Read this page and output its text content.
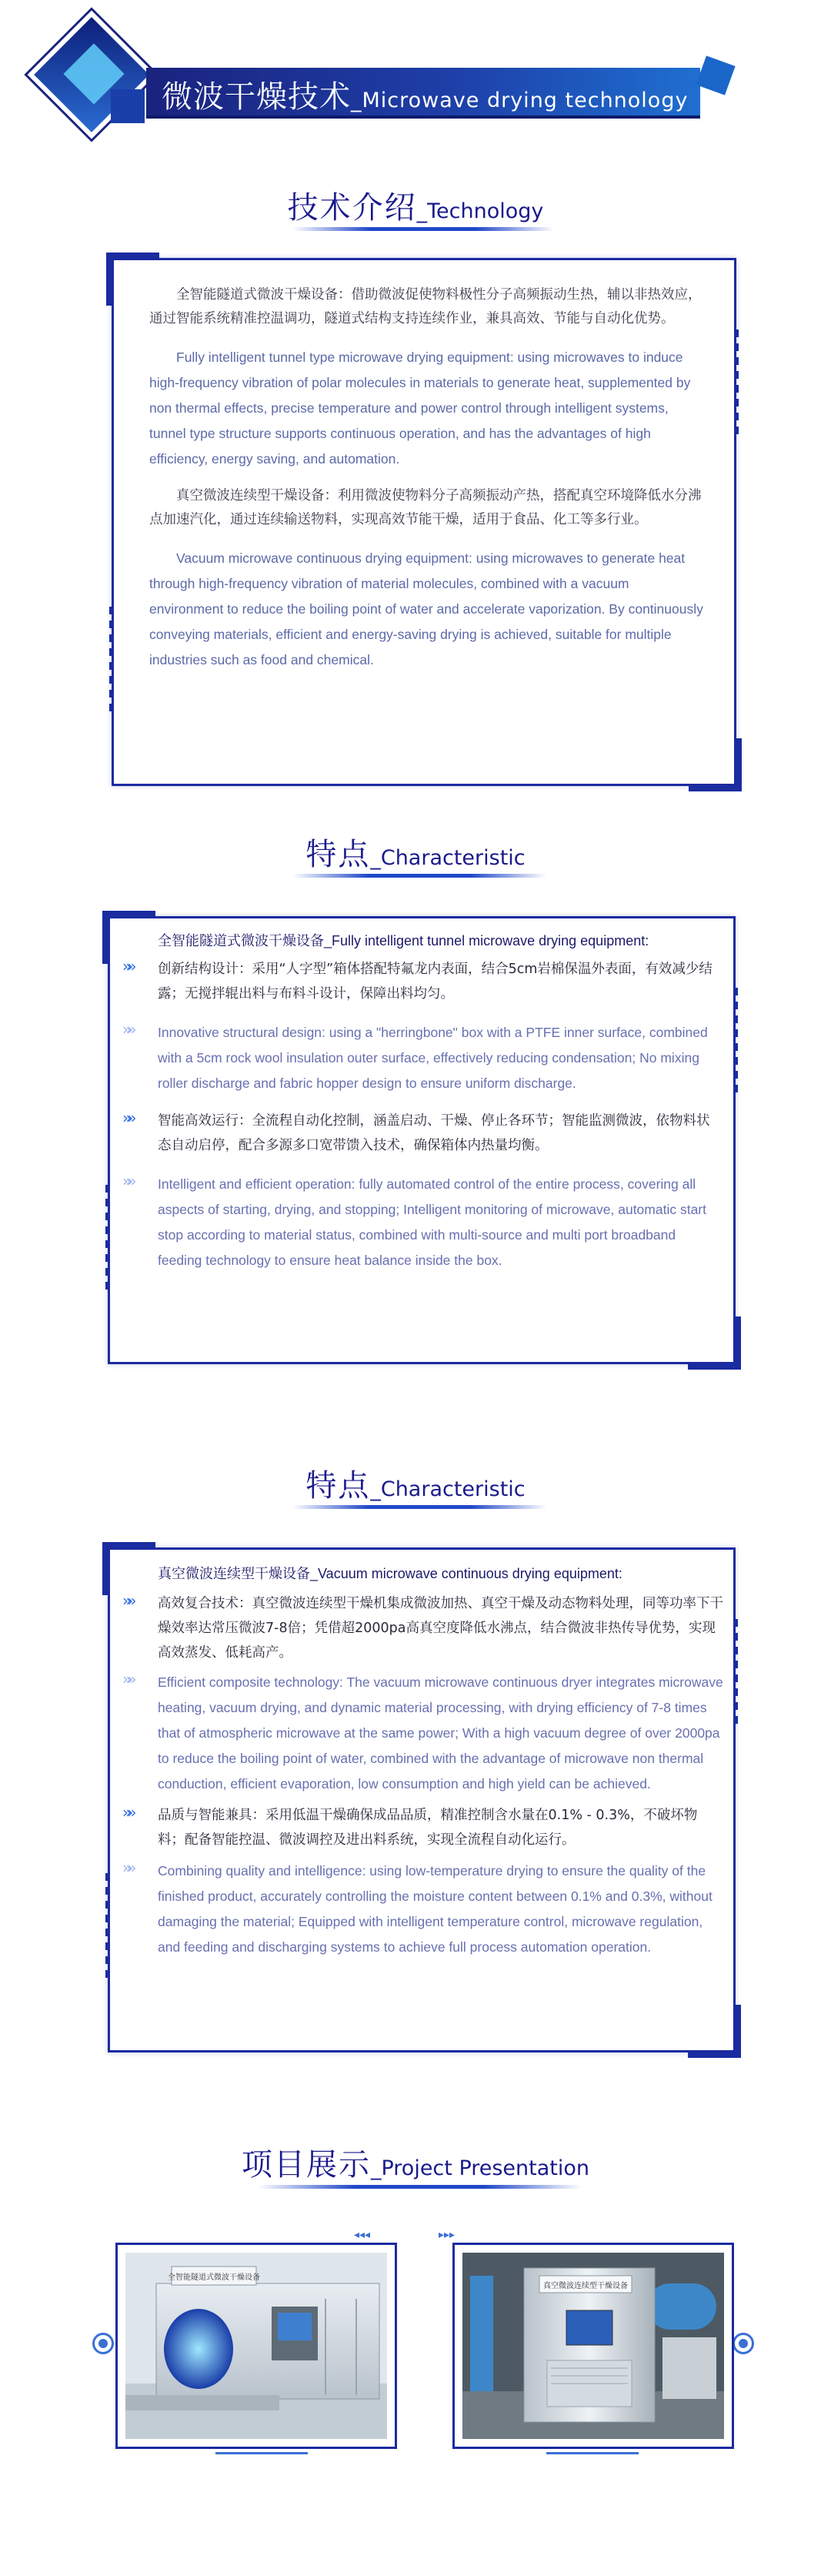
微波干燥技术_Microwave drying technology
技术介绍_Technology

全智能隧道式微波干燥设备：借助微波促使物料极性分子高频振动生热，辅以非热效应，通过智能系统精准控温调功，隧道式结构支持连续作业，兼具高效、节能与自动化优势。

Fully intelligent tunnel type microwave drying equipment: using microwaves to induce high-frequency vibration of polar molecules in materials to generate heat, supplemented by non thermal effects, precise temperature and power control through intelligent systems, tunnel type structure supports continuous operation, and has the advantages of high efficiency, energy saving, and automation.

真空微波连续型干燥设备：利用微波使物料分子高频振动产热，搭配真空环境降低水分沸点加速汽化，通过连续输送物料，实现高效节能干燥，适用于食品、化工等多行业。

Vacuum microwave continuous drying equipment: using microwaves to generate heat through high-frequency vibration of material molecules, combined with a vacuum environment to reduce the boiling point of water and accelerate vaporization. By continuously conveying materials, efficient and energy-saving drying is achieved, suitable for multiple industries such as food and chemical.

特点_Characteristic

全智能隧道式微波干燥设备_Fully intelligent tunnel microwave drying equipment:

»» 创新结构设计：采用“人字型”箱体搭配特氟龙内表面，结合5cm岩棉保温外表面，有效减少结露；无搅拌辊出料与布料斗设计，保障出料均匀。

»» Innovative structural design: using a "herringbone" box with a PTFE inner surface, combined with a 5cm rock wool insulation outer surface, effectively reducing condensation; No mixing roller discharge and fabric hopper design to ensure uniform discharge.

»» 智能高效运行：全流程自动化控制，涵盖启动、干燥、停止各环节；智能监测微波，依物料状态自动启停，配合多源多口宽带馈入技术，确保箱体内热量均衡。

»» Intelligent and efficient operation: fully automated control of the entire process, covering all aspects of starting, drying, and stopping; Intelligent monitoring of microwave, automatic start stop according to material status, combined with multi-source and multi port broadband feeding technology to ensure heat balance inside the box.

特点_Characteristic

真空微波连续型干燥设备_Vacuum microwave continuous drying equipment:

»» 高效复合技术：真空微波连续型干燥机集成微波加热、真空干燥及动态物料处理，同等功率下干燥效率达常压微波7-8倍；凭借超2000pa高真空度降低水沸点，结合微波非热传导优势，实现高效蒸发、低耗高产。

»» Efficient composite technology: The vacuum microwave continuous dryer integrates microwave heating, vacuum drying, and dynamic material processing, with drying efficiency of 7-8 times that of atmospheric microwave at the same power; With a high vacuum degree of over 2000pa to reduce the boiling point of water, combined with the advantage of microwave non thermal conduction, efficient evaporation, low consumption and high yield can be achieved.

»» 品质与智能兼具：采用低温干燥确保成品品质，精准控制含水量在0.1% - 0.3%，不破坏物料；配备智能控温、微波调控及进出料系统，实现全流程自动化运行。

»» Combining quality and intelligence: using low-temperature drying to ensure the quality of the finished product, accurately controlling the moisture content between 0.1% and 0.3%, without damaging the material; Equipped with intelligent temperature control, microwave regulation, and feeding and discharging systems to achieve full process automation operation.

项目展示_Project Presentation
全智能隧道式微波干燥设备
◂◂◂
真空微波连续型干燥设备
▸▸▸
